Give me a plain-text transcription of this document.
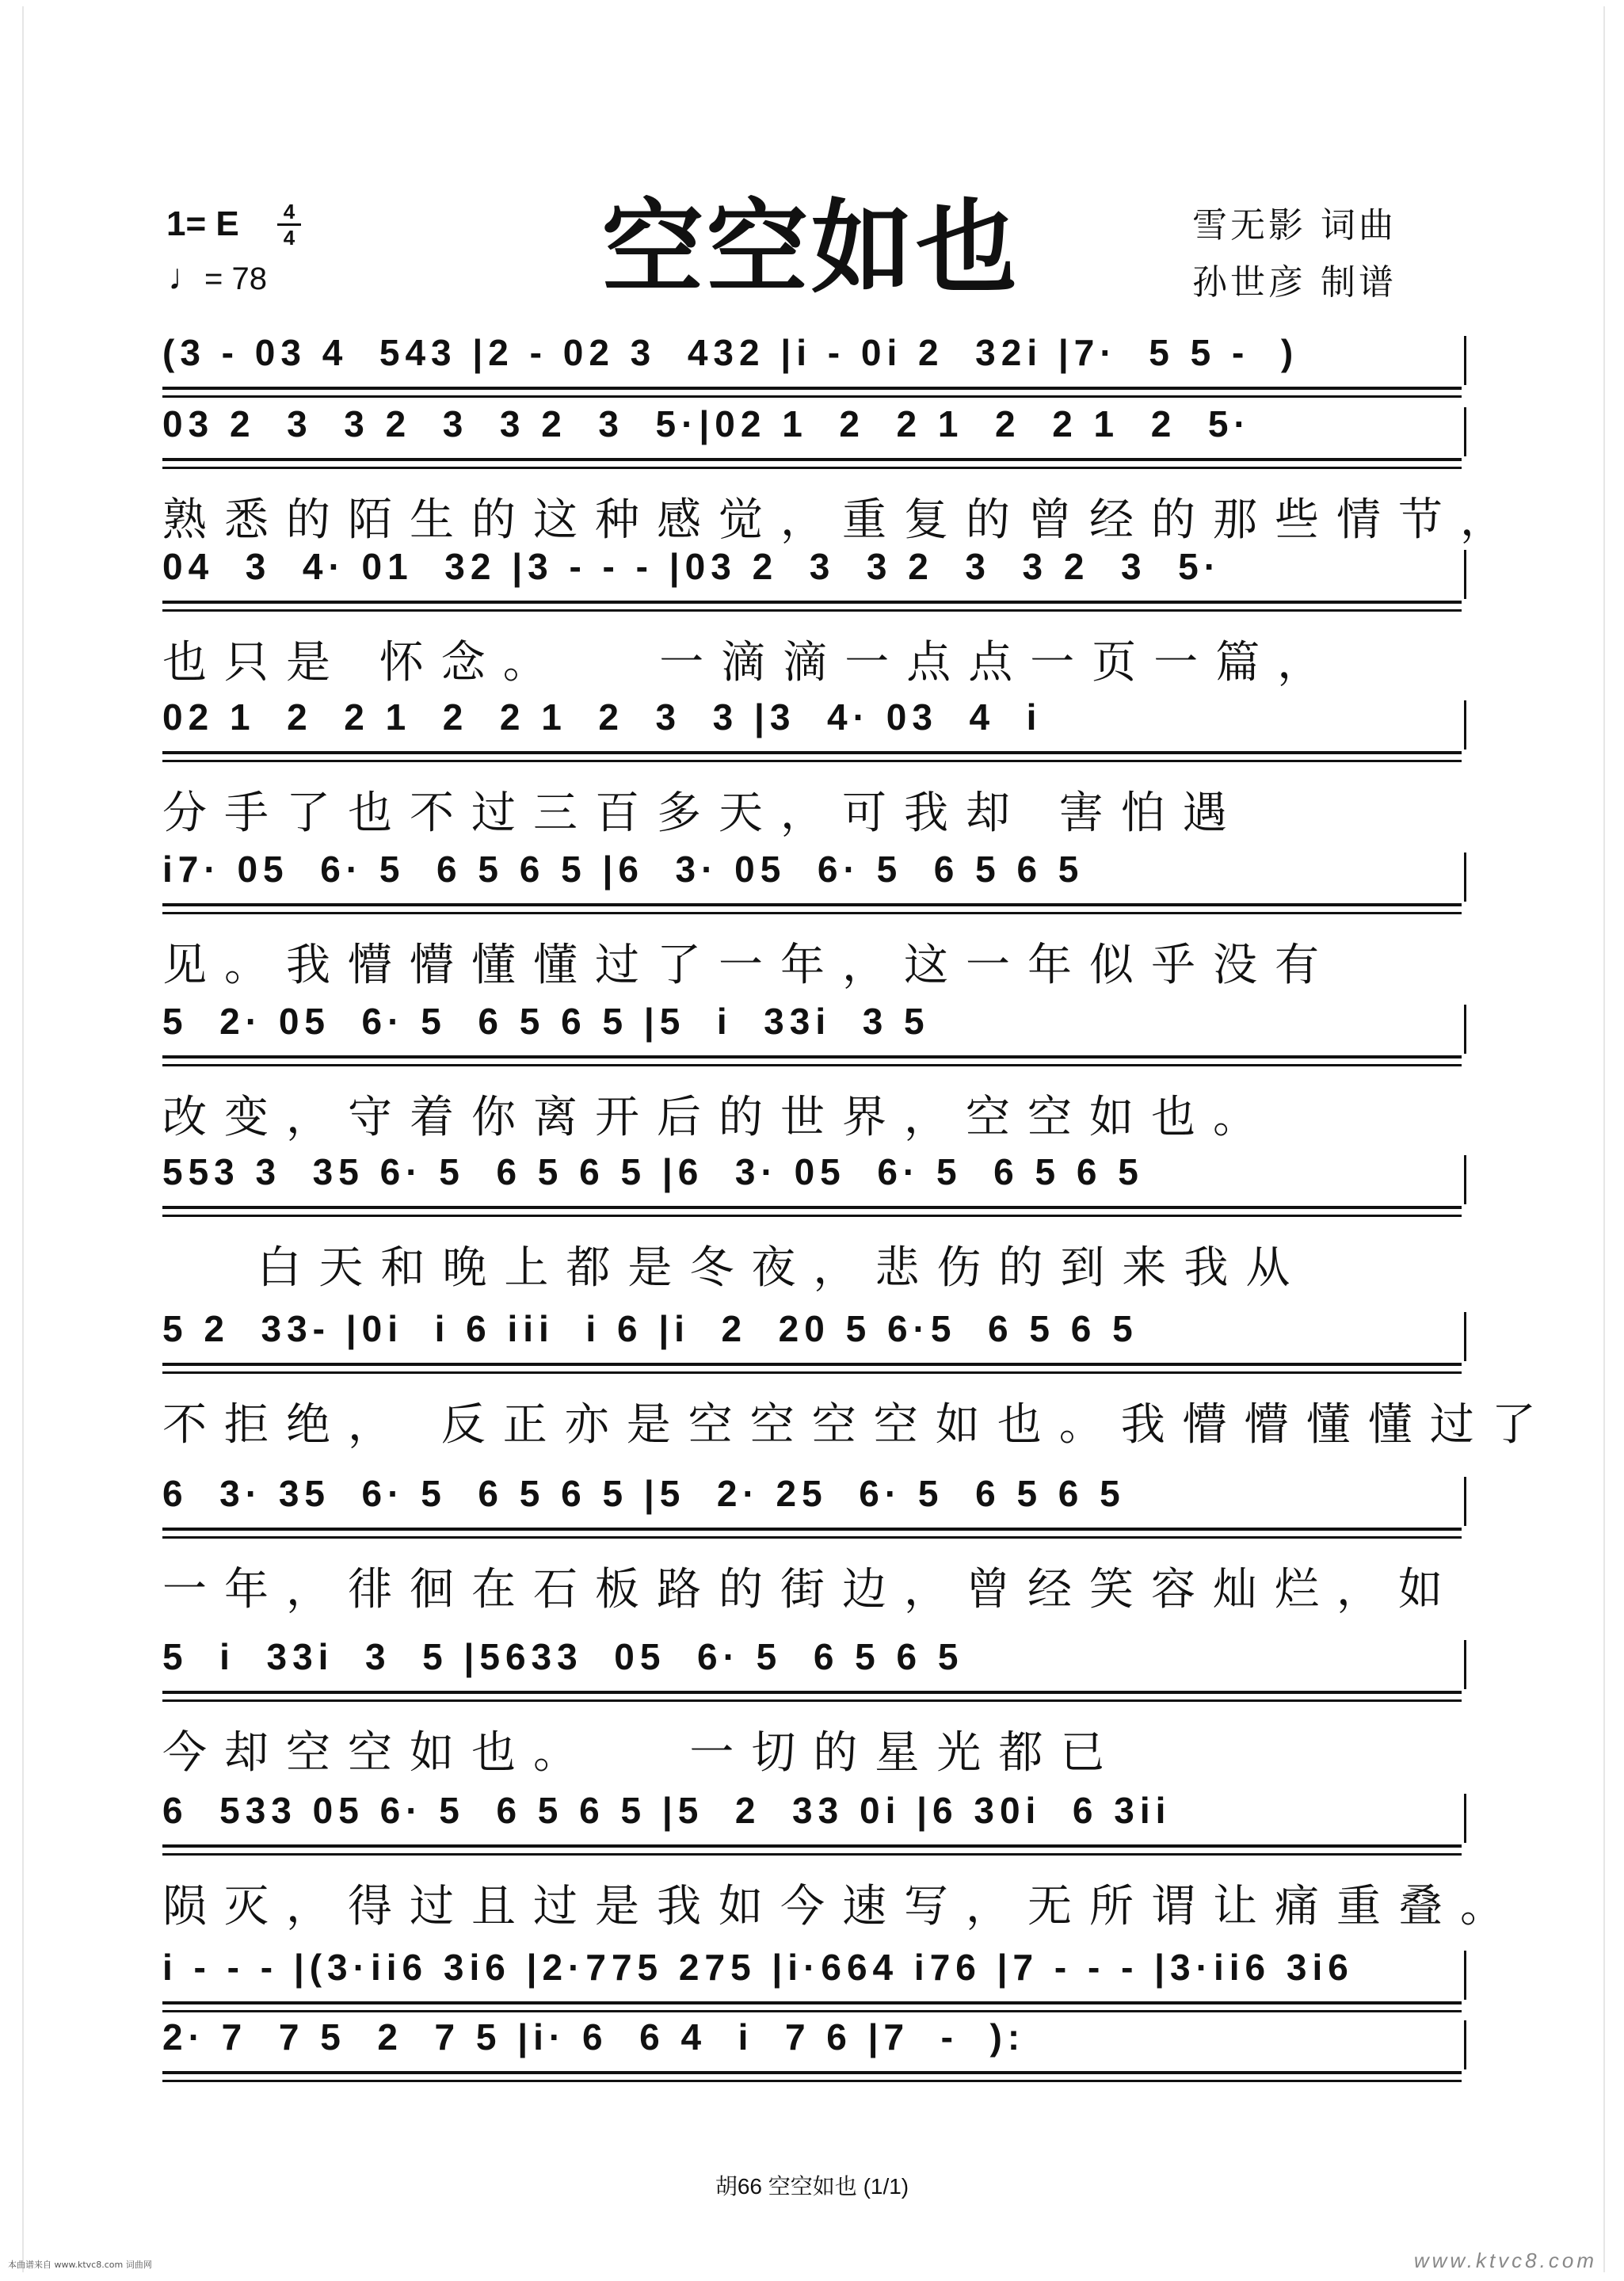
1= E	4
4
♩= 78	空空如也	雪无影 词曲
孙世彦 制谱
(3 - 03 4  543 |2 - 02 3  432 |i - 0i 2  32i |7·  5 5 -  )
03 2  3  3 2  3  3 2  3  5·|02 1  2  2 1  2  2 1  2  5·
熟悉的陌生的这种感觉，重复的曾经的那些情节，
04  3  4· 01  32 |3 - - - |03 2  3  3 2  3  3 2  3  5·
也只是 怀念。   一滴滴一点点一页一篇，
02 1  2  2 1  2  2 1  2  3  3 |3  4· 03  4  i
分手了也不过三百多天，可我却 害怕遇
i7· 05  6· 5  6 5 6 5 |6  3· 05  6· 5  6 5 6 5
见。我懵懵懂懂过了一年，这一年似乎没有
5  2· 05  6· 5  6 5 6 5 |5  i  33i  3 5
改变，守着你离开后的世界，空空如也。
553 3  35 6· 5  6 5 6 5 |6  3· 05  6· 5  6 5 6 5
白天和晚上都是冬夜，悲伤的到来我从
5 2  33- |0i  i 6 iii  i 6 |i  2  20 5 6·5  6 5 6 5
不拒绝， 反正亦是空空空空如也。我懵懵懂懂过了
6  3· 35  6· 5  6 5 6 5 |5  2· 25  6· 5  6 5 6 5
一年，徘徊在石板路的街边，曾经笑容灿烂，如
5  i  33i  3  5 |5633  05  6· 5  6 5 6 5
今却空空如也。   一切的星光都已
6  533 05 6· 5  6 5 6 5 |5  2  33 0i |6 30i  6 3ii
陨灭，得过且过是我如今速写，无所谓让痛重叠。
i - - - |(3·ii6 3i6 |2·775 275 |i·664 i76 |7 - - - |3·ii6 3i6
2· 7  7 5  2  7 5 |i· 6  6 4  i  7 6 |7  -  ):
胡66 空空如也 (1/1)
本曲谱来自 www.ktvc8.com 词曲网	www.ktvc8.com
